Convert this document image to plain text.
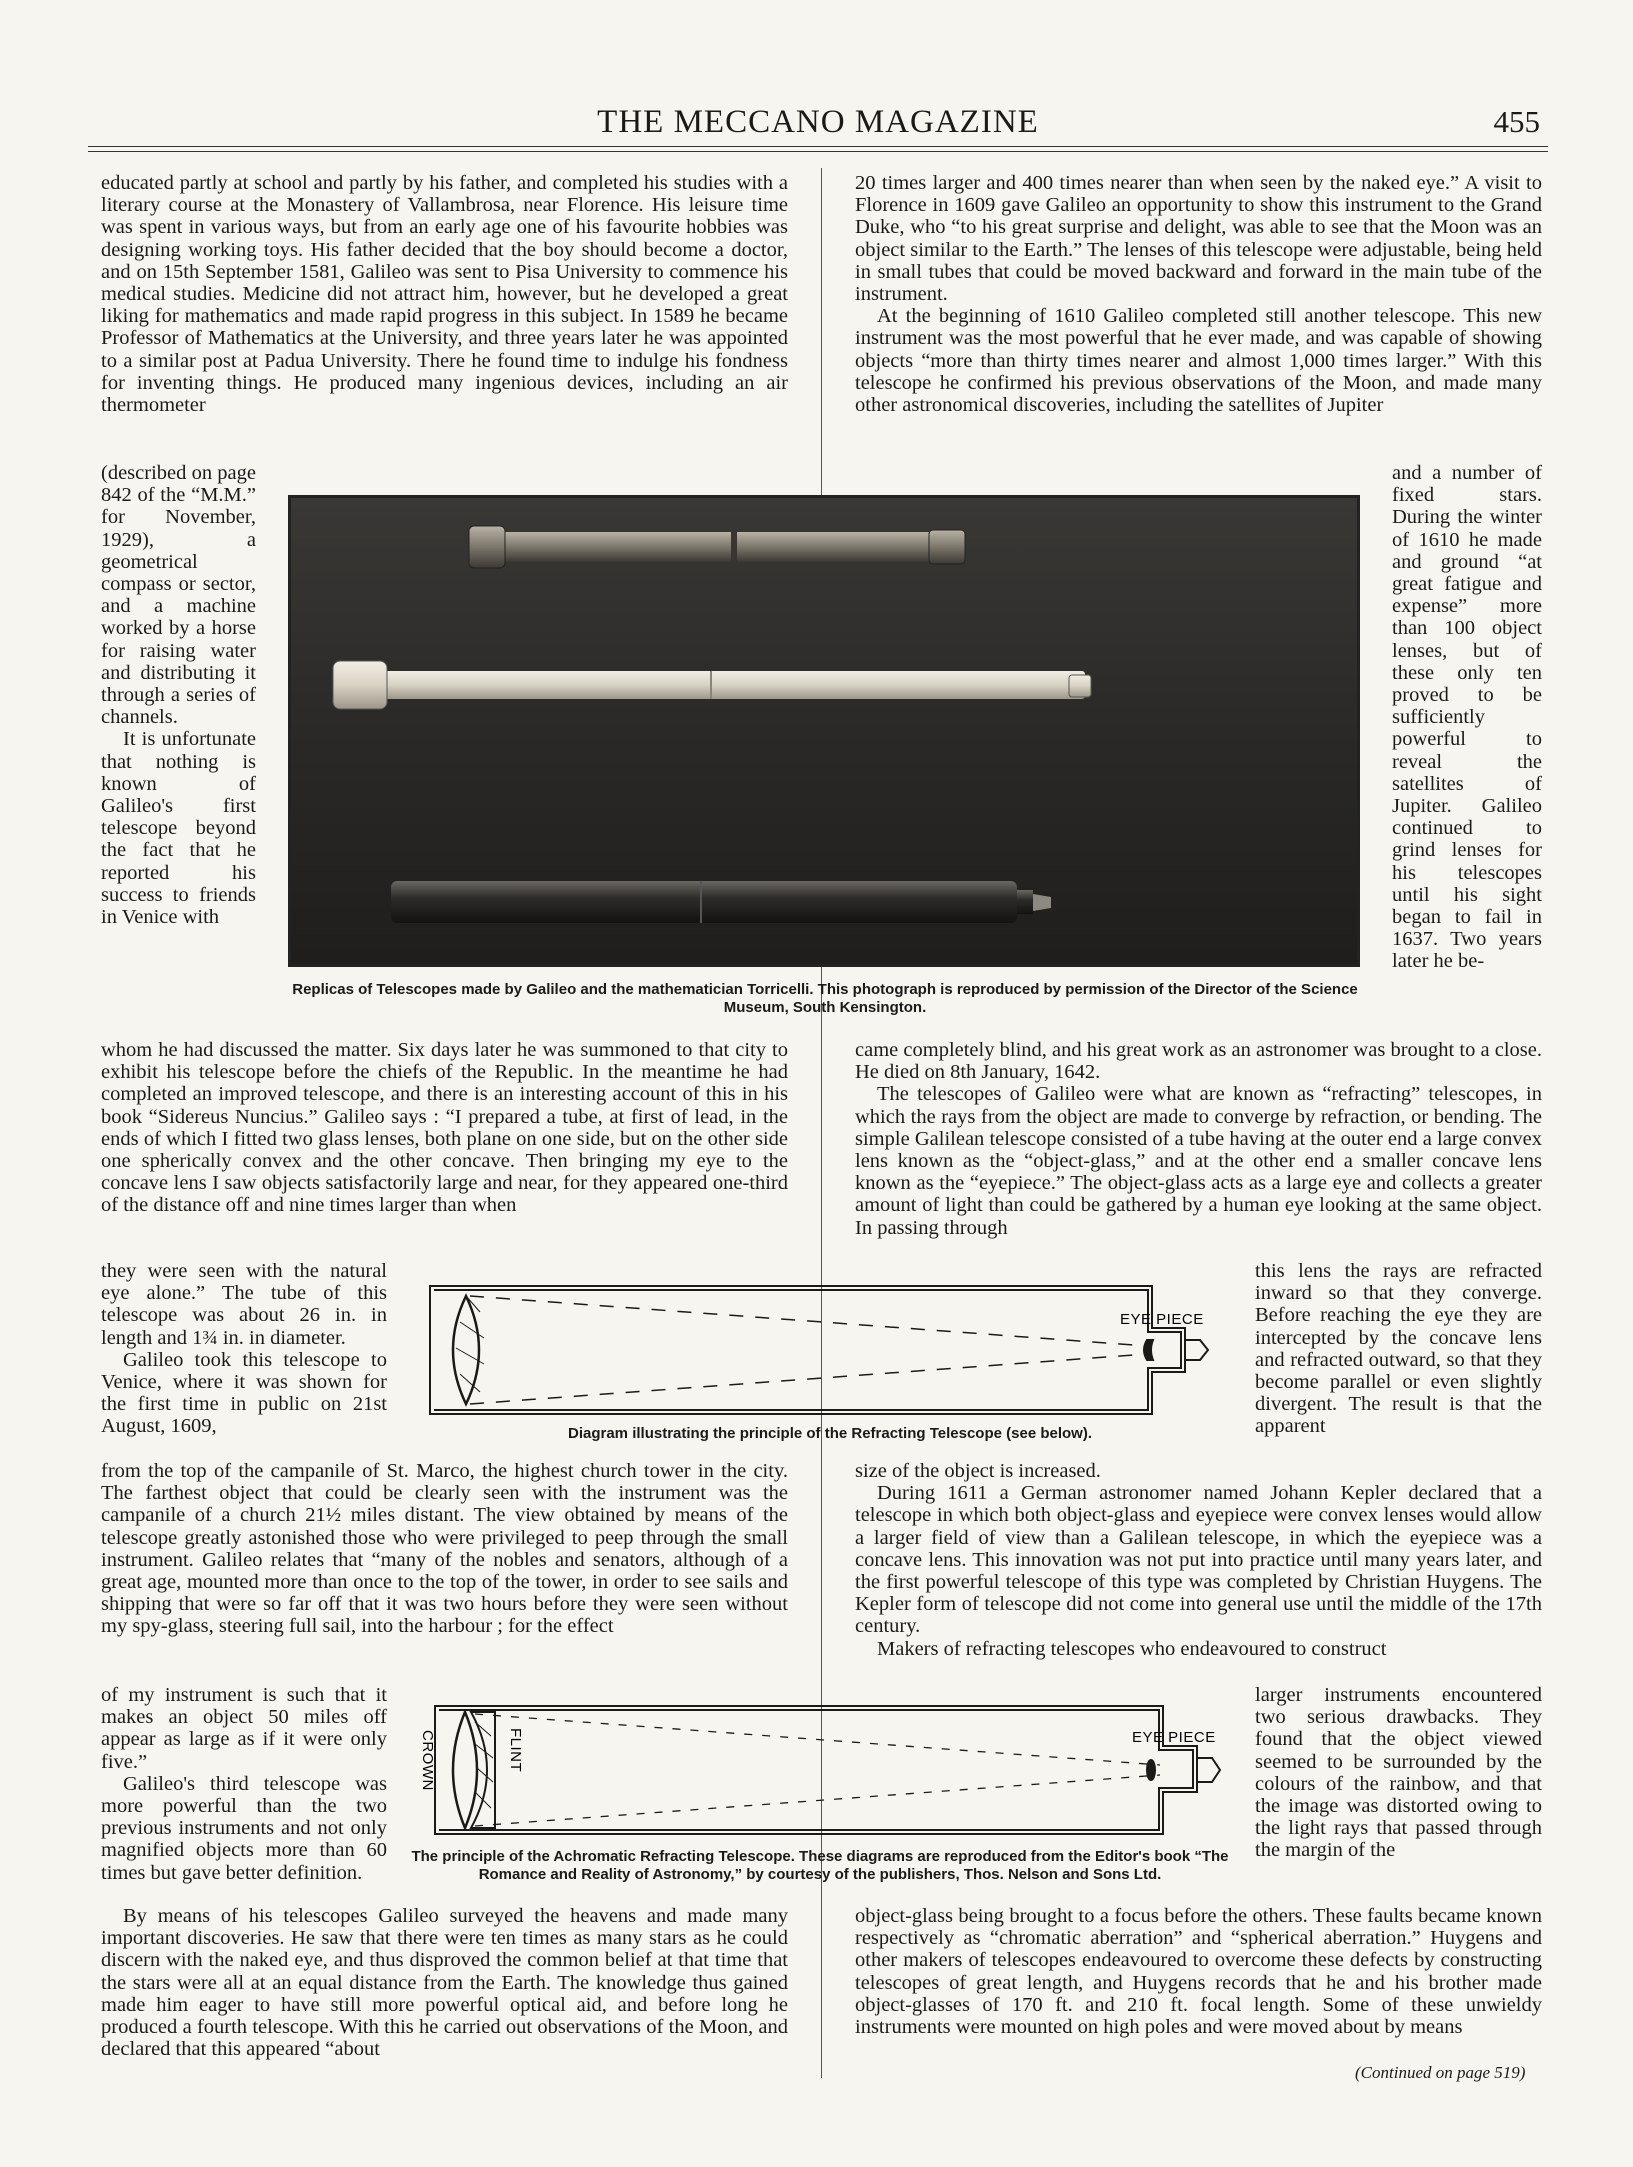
THE MECCANO MAGAZINE	455

educated partly at school and partly by his father, and completed his studies with a literary course at the Monastery of Vallambrosa, near Florence. His leisure time was spent in various ways, but from an early age one of his favourite hobbies was designing working toys. His father decided that the boy should become a doctor, and on 15th September 1581, Galileo was sent to Pisa University to commence his medical studies. Medicine did not attract him, however, but he developed a great liking for mathematics and made rapid progress in this subject. In 1589 he became Professor of Mathematics at the University, and three years later he was appointed to a similar post at Padua University. There he found time to indulge his fondness for inventing things. He produced many ingenious devices, including an air thermometer

(described on page 842 of the “M.M.” for November, 1929), a geometrical compass or sector, and a machine worked by a horse for raising water and distributing it through a series of channels.

It is unfortunate that nothing is known of Galileo's first telescope beyond the fact that he reported his success to friends in Venice with

whom he had discussed the matter. Six days later he was summoned to that city to exhibit his telescope before the chiefs of the Republic. In the meantime he had completed an improved telescope, and there is an interesting account of this in his book “Sidereus Nuncius.” Galileo says : “I prepared a tube, at first of lead, in the ends of which I fitted two glass lenses, both plane on one side, but on the other side one spherically convex and the other concave. Then bringing my eye to the concave lens I saw objects satisfactorily large and near, for they appeared one-third of the distance off and nine times larger than when

they were seen with the natural eye alone.” The tube of this telescope was about 26 in. in length and 1¾ in. in diameter.

Galileo took this telescope to Venice, where it was shown for the first time in public on 21st August, 1609,

from the top of the campanile of St. Marco, the highest church tower in the city. The farthest object that could be clearly seen with the instrument was the campanile of a church 21½ miles distant. The view obtained by means of the telescope greatly astonished those who were privileged to peep through the small instrument. Galileo relates that “many of the nobles and senators, although of a great age, mounted more than once to the top of the tower, in order to see sails and shipping that were so far off that it was two hours before they were seen without my spy-glass, steering full sail, into the harbour ; for the effect

of my instrument is such that it makes an object 50 miles off appear as large as if it were only five.”

Galileo's third telescope was more powerful than the two previous instruments and not only magnified objects more than 60 times but gave better definition.

By means of his telescopes Galileo surveyed the heavens and made many important discoveries. He saw that there were ten times as many stars as he could discern with the naked eye, and thus disproved the common belief at that time that the stars were all at an equal distance from the Earth. The knowledge thus gained made him eager to have still more powerful optical aid, and before long he produced a fourth telescope. With this he carried out observations of the Moon, and declared that this appeared “about

20 times larger and 400 times nearer than when seen by the naked eye.” A visit to Florence in 1609 gave Galileo an opportunity to show this instrument to the Grand Duke, who “to his great surprise and delight, was able to see that the Moon was an object similar to the Earth.” The lenses of this telescope were adjustable, being held in small tubes that could be moved backward and forward in the main tube of the instrument.

At the beginning of 1610 Galileo completed still another telescope. This new instrument was the most powerful that he ever made, and was capable of showing objects “more than thirty times nearer and almost 1,000 times larger.” With this telescope he confirmed his previous observations of the Moon, and made many other astronomical discoveries, including the satellites of Jupiter

and a number of fixed stars. During the winter of 1610 he made and ground “at great fatigue and expense” more than 100 object lenses, but of these only ten proved to be sufficiently powerful to reveal the satellites of Jupiter. Galileo continued to grind lenses for his telescopes until his sight began to fail in 1637. Two years later he be-

came completely blind, and his great work as an astronomer was brought to a close. He died on 8th January, 1642.

The telescopes of Galileo were what are known as “refracting” telescopes, in which the rays from the object are made to converge by refraction, or bending. The simple Galilean telescope consisted of a tube having at the outer end a large convex lens known as the “object-glass,” and at the other end a smaller concave lens known as the “eyepiece.” The object-glass acts as a large eye and collects a greater amount of light than could be gathered by a human eye looking at the same object. In passing through

this lens the rays are refracted inward so that they converge. Before reaching the eye they are intercepted by the concave lens and refracted outward, so that they become parallel or even slightly divergent. The result is that the apparent

size of the object is increased.

During 1611 a German astronomer named Johann Kepler declared that a telescope in which both object-glass and eyepiece were convex lenses would allow a larger field of view than a Galilean telescope, in which the eyepiece was a concave lens. This innovation was not put into practice until many years later, and the first powerful telescope of this type was completed by Christian Huygens. The Kepler form of telescope did not come into general use until the middle of the 17th century.

Makers of refracting telescopes who endeavoured to construct

larger instruments encountered two serious drawbacks. They found that the object viewed seemed to be surrounded by the colours of the rainbow, and that the image was distorted owing to the light rays that passed through the margin of the

object-glass being brought to a focus before the others. These faults became known respectively as “chromatic aberration” and “spherical aberration.” Huygens and other makers of telescopes endeavoured to overcome these defects by constructing telescopes of great length, and Huygens records that he and his brother made object-glasses of 170 ft. and 210 ft. focal length. Some of these unwieldy instruments were mounted on high poles and were moved about by means

(Continued on page 519)
Replicas of Telescopes made by Galileo and the mathematician Torricelli. This photograph is reproduced by permission of the Director of the Science Museum, South Kensington.
EYE PIECE
Diagram illustrating the principle of the Refracting Telescope (see below).
EYE PIECE
CROWN	FLINT
The principle of the Achromatic Refracting Telescope. These diagrams are reproduced from the Editor's book “The Romance and Reality of Astronomy,” by courtesy of the publishers, Thos. Nelson and Sons Ltd.
